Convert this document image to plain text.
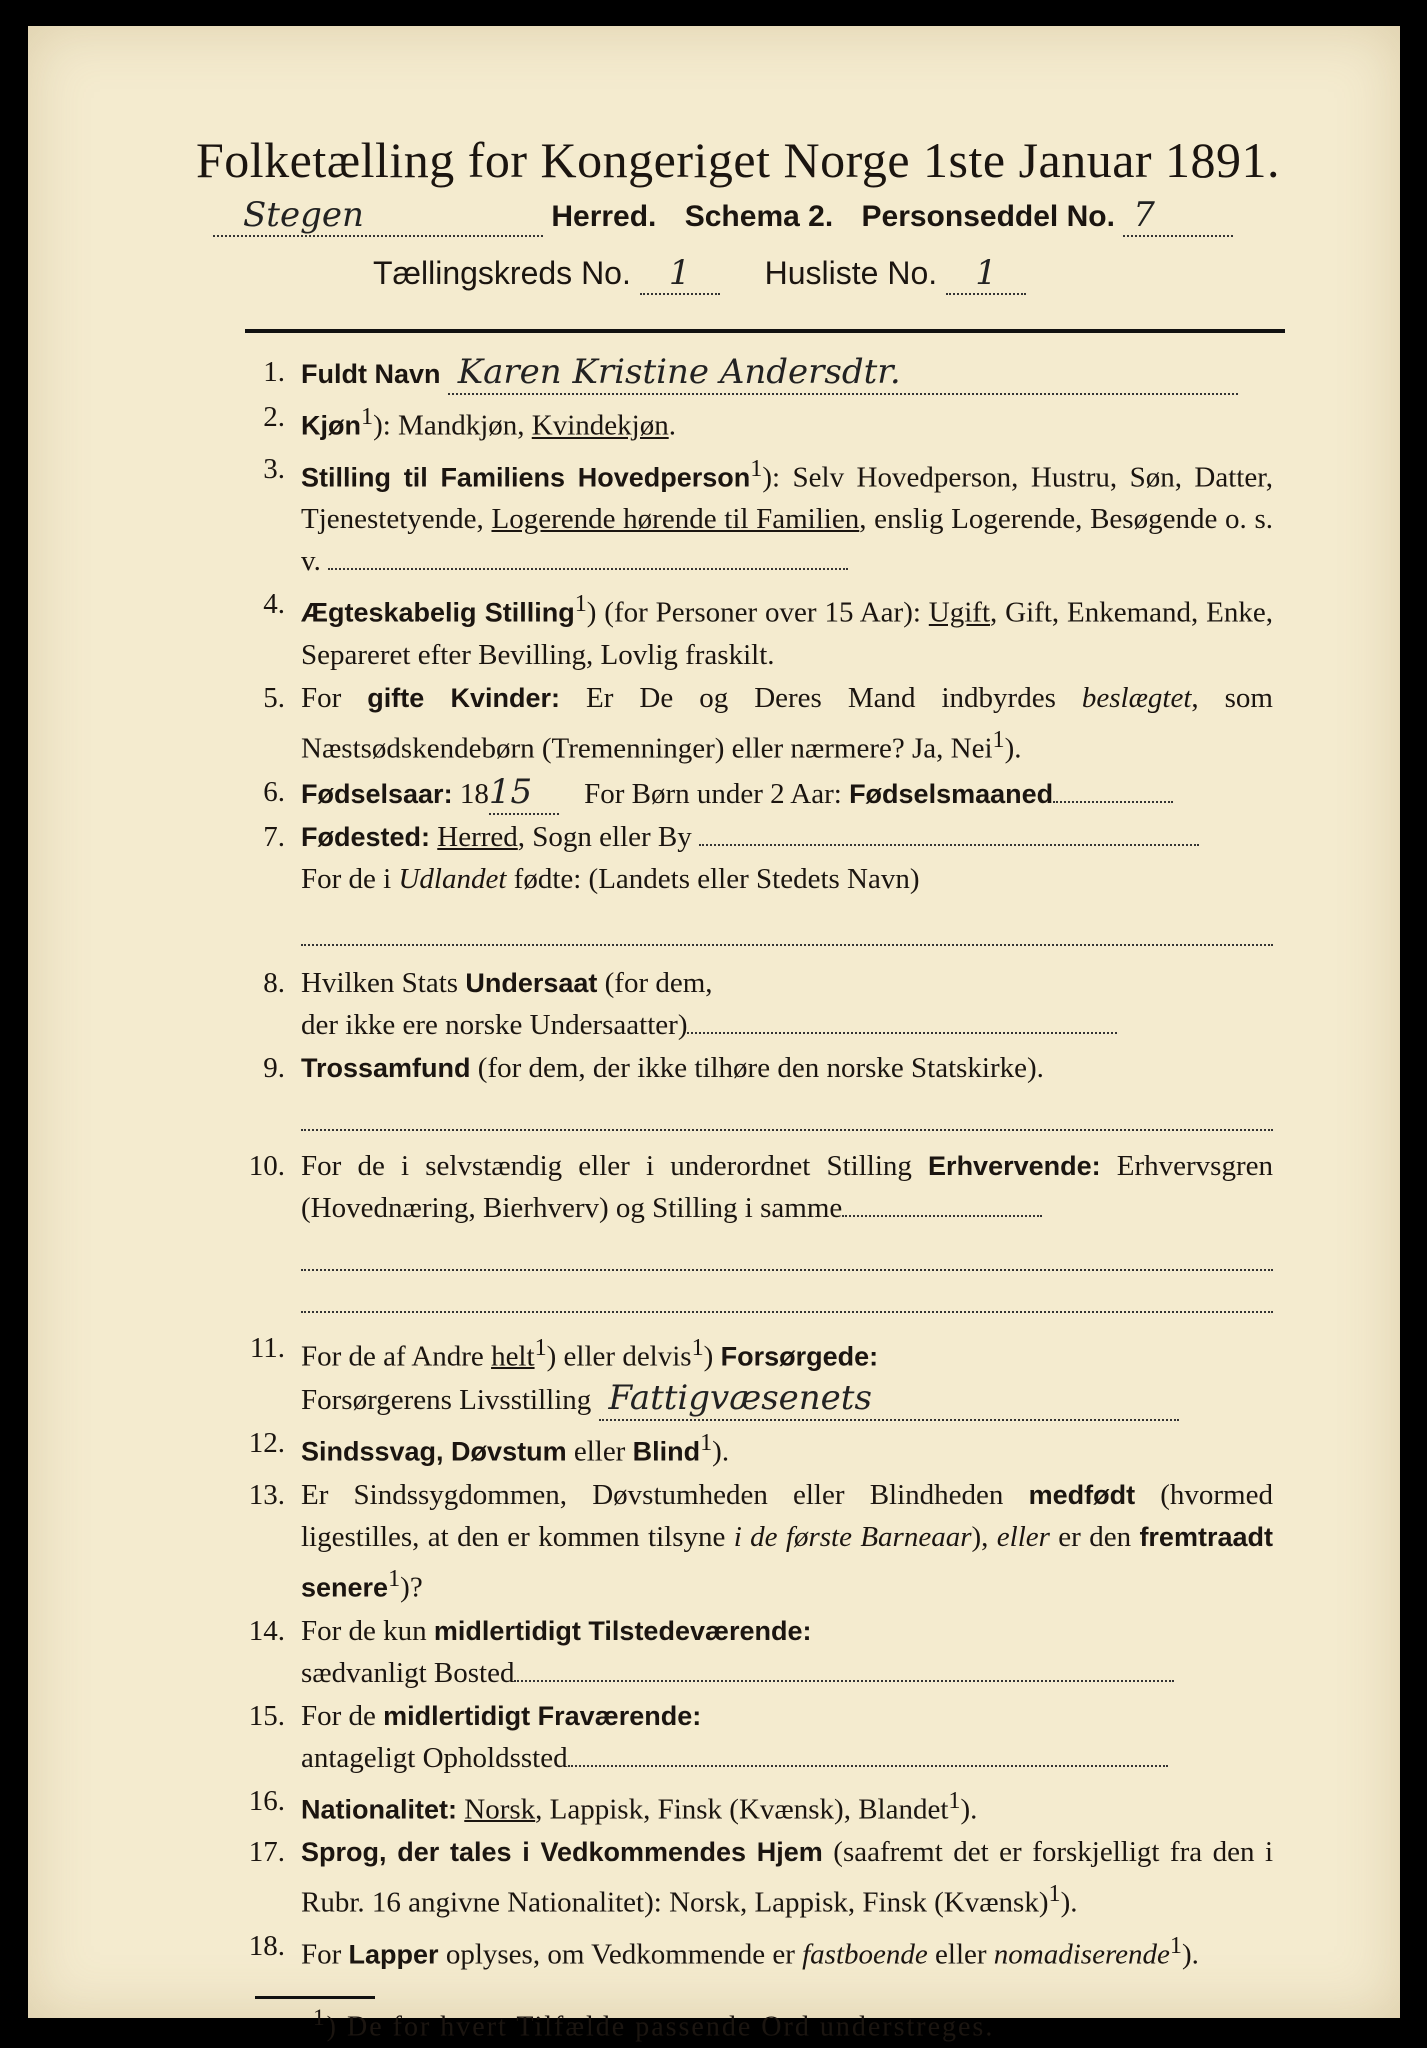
Folketælling for Kongeriget Norge 1ste Januar 1891.
Stegen	Herred. Schema 2. Personseddel No. 7
Tællingskreds No. 1 Husliste No. 1
1. Fuldt Navn Karen Kristine Andersdtr.
2. Kjøn$^1$): Mandkjøn, Kvindekjøn.
3. Stilling til Familiens Hovedperson$^1$): Selv Hovedperson, Hustru, Søn, Datter, Tjenestetyende, Logerende hørende til Familien, enslig Logerende, Besøgende o. s. v.
4. Ægteskabelig Stilling$^1$) (for Personer over 15 Aar): Ugift, Gift, Enkemand, Enke, Separeret efter Bevilling, Lovlig fraskilt.
5. For gifte Kvinder: Er De og Deres Mand indbyrdes beslægtet, som Næstsødskendebørn (Tremenninger) eller nærmere? Ja, Nei$^1$).
6. Fødselsaar: 1815 For Børn under 2 Aar: Fødselsmaaned
7. Fødested: Herred, Sogn eller By
For de i Udlandet fødte: (Landets eller Stedets Navn)
8. Hvilken Stats Undersaat (for dem,
der ikke ere norske Undersaatter)
9. Trossamfund (for dem, der ikke tilhøre den norske Statskirke).
10. For de i selvstændig eller i underordnet Stilling Erhvervende: Erhvervsgren (Hovednæring, Bierhverv) og Stilling i samme
11. For de af Andre helt$^1$) eller delvis$^1$) Forsørgede:
Forsørgerens Livsstilling Fattigvæsenets
12. Sindssvag, Døvstum eller Blind$^1$).
13. Er Sindssygdommen, Døvstumheden eller Blindheden medfødt (hvormed ligestilles, at den er kommen tilsyne i de første Barneaar), eller er den fremtraadt senere$^1$)?
14. For de kun midlertidigt Tilstedeværende:
sædvanligt Bosted
15. For de midlertidigt Fraværende:
antageligt Opholdssted
16. Nationalitet: Norsk, Lappisk, Finsk (Kvænsk), Blandet$^1$).
17. Sprog, der tales i Vedkommendes Hjem (saafremt det er forskjelligt fra den i Rubr. 16 angivne Nationalitet): Norsk, Lappisk, Finsk (Kvænsk)$^1$).
18. For Lapper oplyses, om Vedkommende er fastboende eller nomadiserende$^1$).
$^1$) De for hvert Tilfælde passende Ord understreges.
